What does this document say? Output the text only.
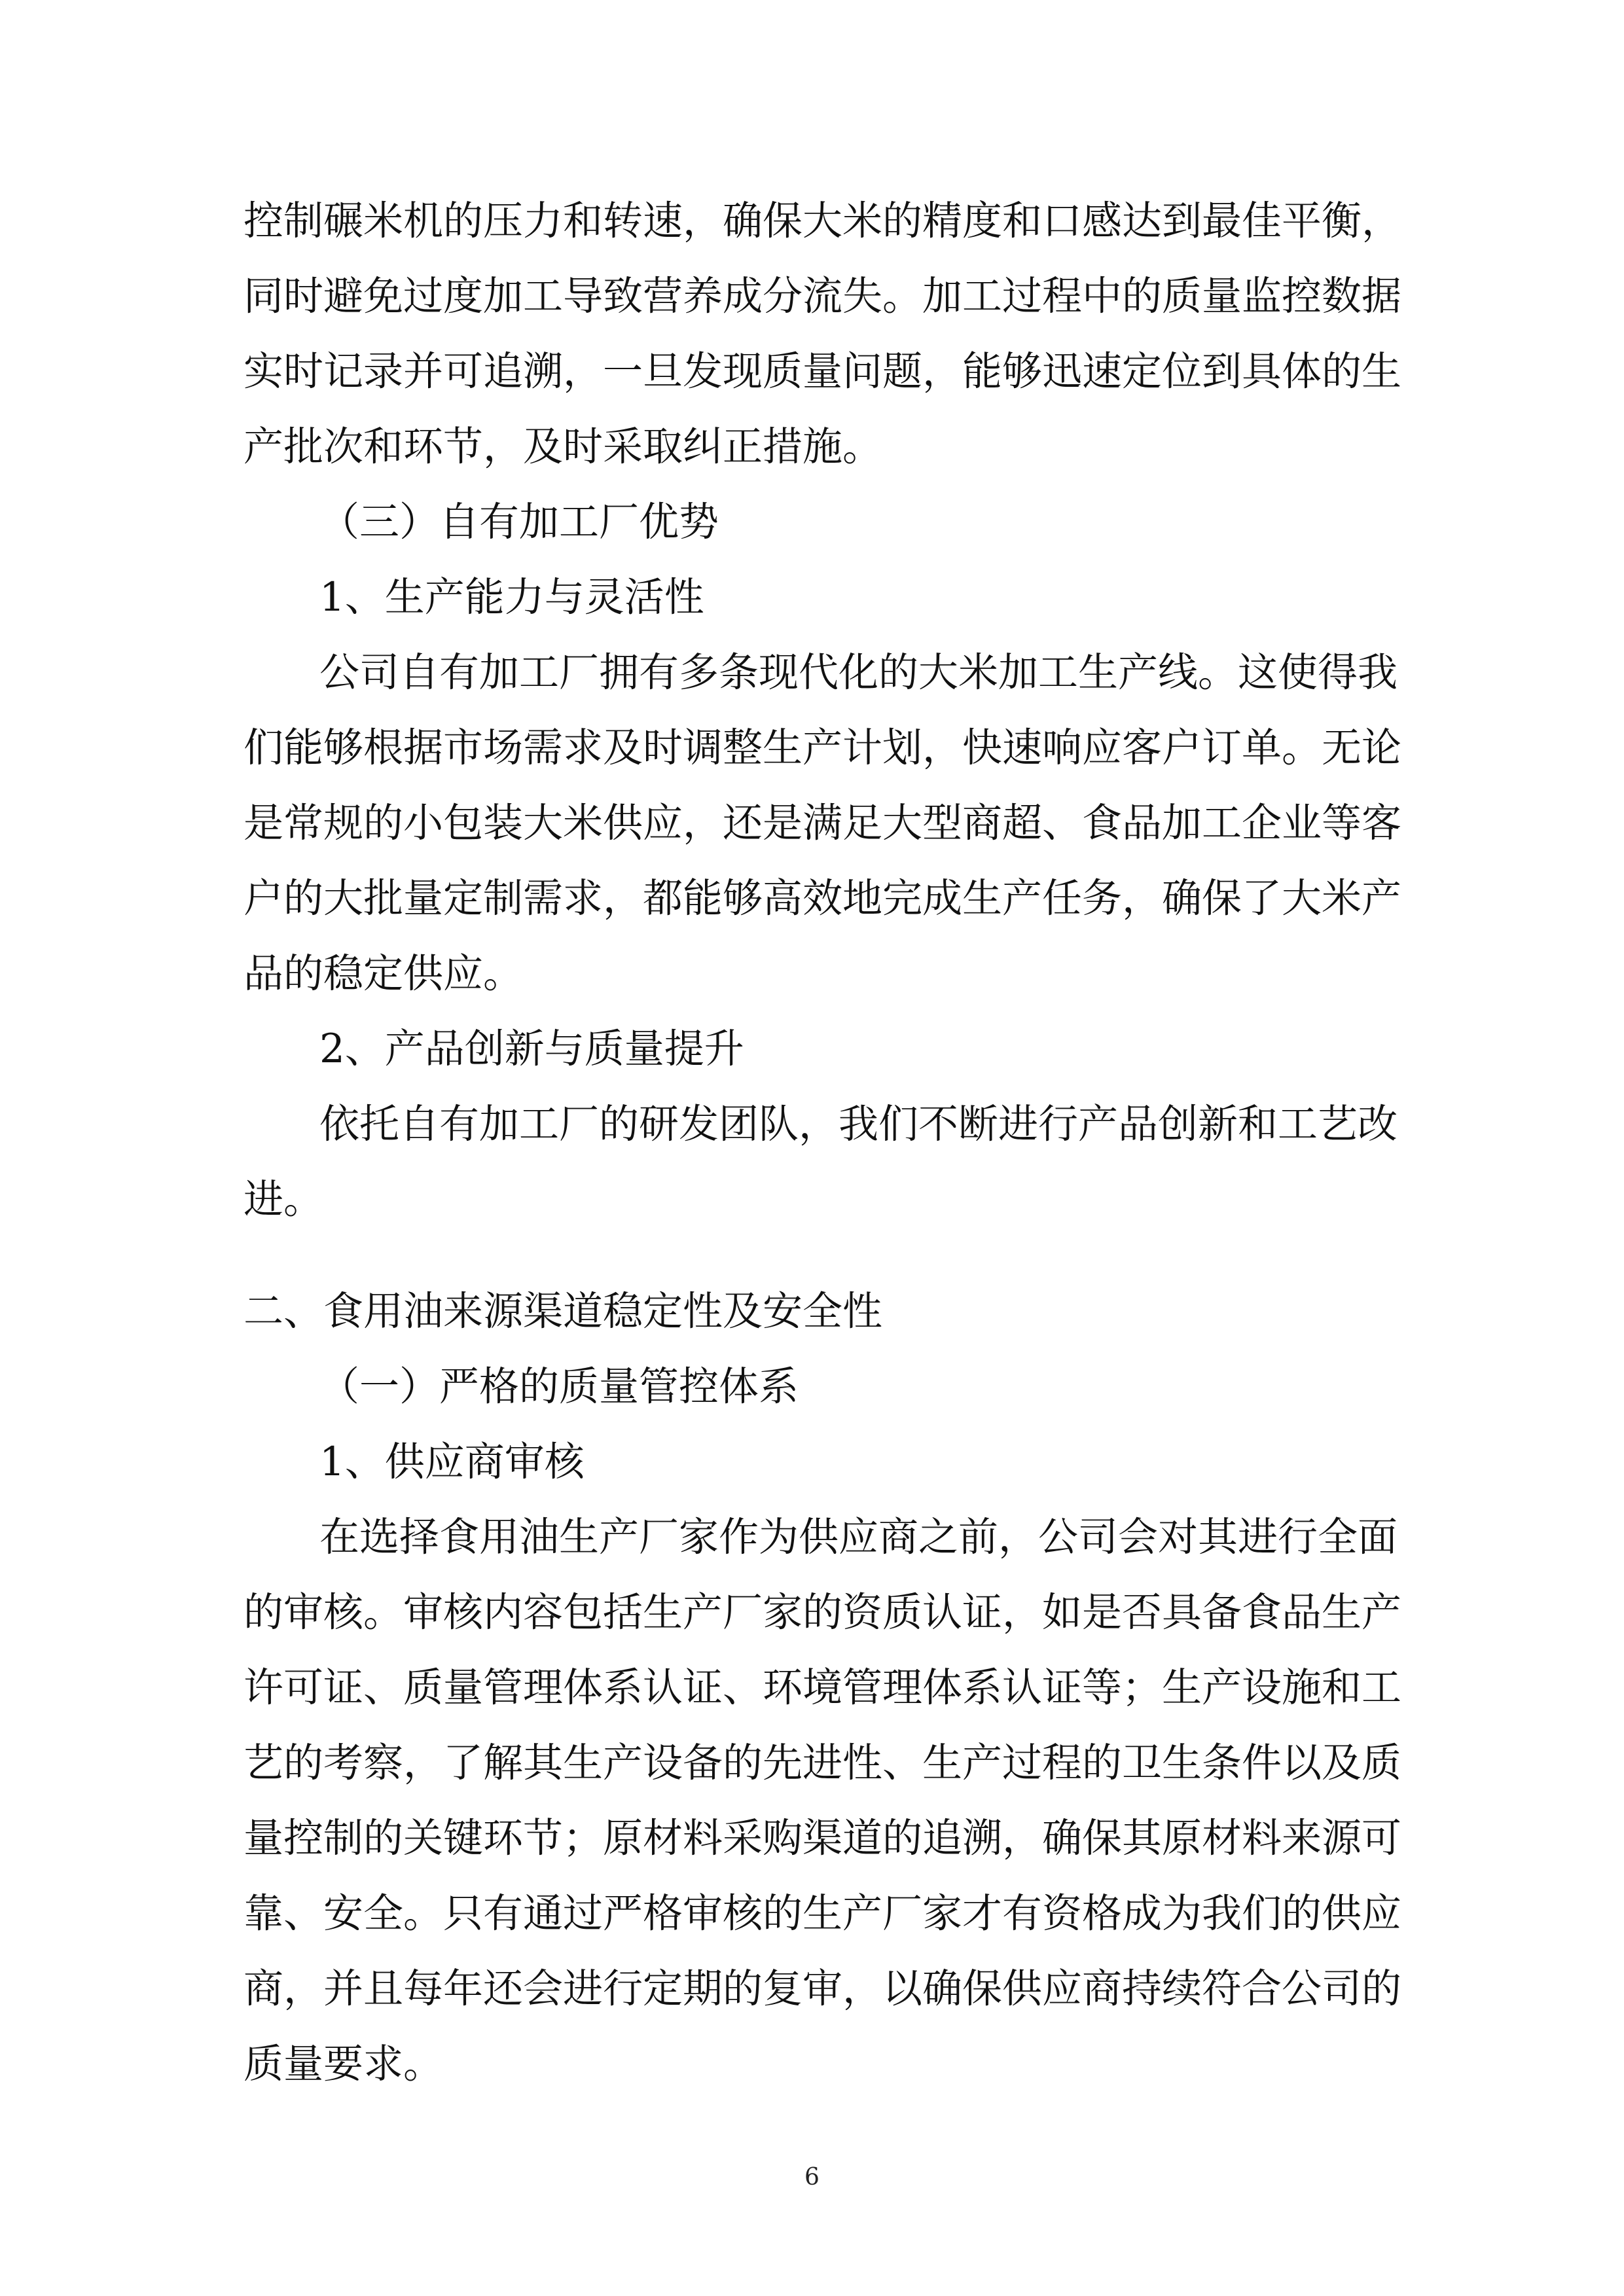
控制碾米机的压力和转速，确保大米的精度和口感达到最佳平衡，
同时避免过度加工导致营养成分流失。加工过程中的质量监控数据
实时记录并可追溯，一旦发现质量问题，能够迅速定位到具体的生
产批次和环节，及时采取纠正措施。
（三）自有加工厂优势
1、生产能力与灵活性
公司自有加工厂拥有多条现代化的大米加工生产线。这使得我
们能够根据市场需求及时调整生产计划，快速响应客户订单。无论
是常规的小包装大米供应，还是满足大型商超、食品加工企业等客
户的大批量定制需求，都能够高效地完成生产任务，确保了大米产
品的稳定供应。
2、产品创新与质量提升
依托自有加工厂的研发团队，我们不断进行产品创新和工艺改
进。
二、食用油来源渠道稳定性及安全性
（一）严格的质量管控体系
1、供应商审核
在选择食用油生产厂家作为供应商之前，公司会对其进行全面
的审核。审核内容包括生产厂家的资质认证，如是否具备食品生产
许可证、质量管理体系认证、环境管理体系认证等；生产设施和工
艺的考察，了解其生产设备的先进性、生产过程的卫生条件以及质
量控制的关键环节；原材料采购渠道的追溯，确保其原材料来源可
靠、安全。只有通过严格审核的生产厂家才有资格成为我们的供应
商，并且每年还会进行定期的复审，以确保供应商持续符合公司的
质量要求。
6
